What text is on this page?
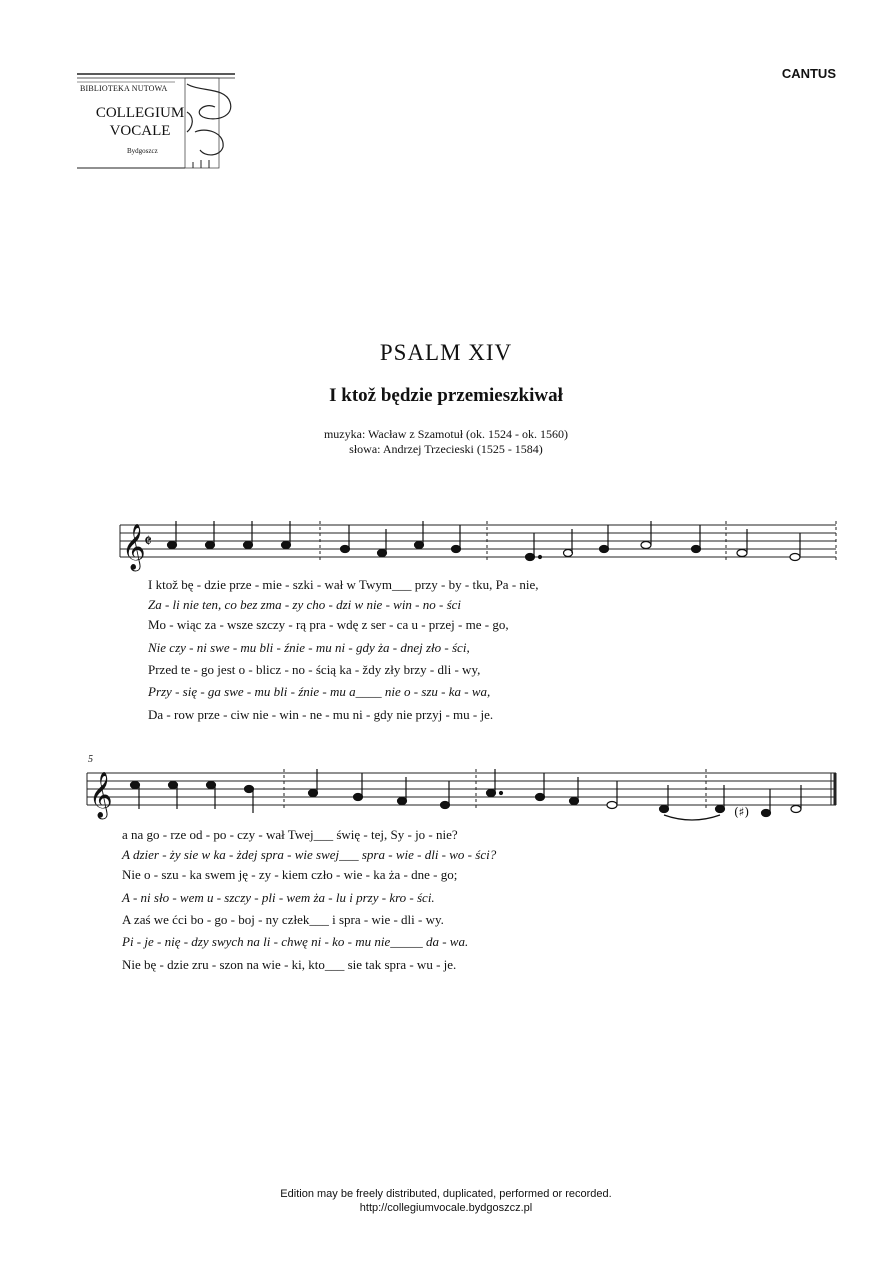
CANTUS
BIBLIOTEKA NUTOWA
COLLEGIUM
VOCALE
Bydgoszcz
PSALM XIV
I ktož będzie przemieszkiwał
muzyka: Wacław z Szamotuł (ok. 1524 - ok. 1560)
słowa: Andrzej Trzecieski (1525 - 1584)
𝄞
𝄵
I ktož bę - dzie prze - mie - szki - wał w Twym___ przy - by - tku, Pa - nie,
Za - li nie ten, co bez zma - zy cho - dzi w nie - win - no - ści
Mo - wiąc za - wsze szczy - rą pra - wdę z ser - ca u - przej - me - go,
Nie czy - ni swe - mu bli - źnie - mu ni - gdy ża - dnej zło - ści,
Przed te - go jest o - blicz - no - ścią ka - ždy zły brzy - dli - wy,
Przy - się - ga swe - mu bli - źnie - mu a____ nie o - szu - ka - wa,
Da - row prze - ciw nie - win - ne - mu ni - gdy nie przyj - mu - je.
5
𝄞	(♯)
a na go - rze od - po - czy - wał Twej___ świę - tej, Sy - jo - nie?
A dzier - ży sie w ka - żdej spra - wie swej___ spra - wie - dli - wo - ści?
Nie o - szu - ka swem ję - zy - kiem czło - wie - ka ża - dne - go;
A - ni sło - wem u - szczy - pli - wem ża - lu i przy - kro - ści.
A zaś we ćci bo - go - boj - ny człek___ i spra - wie - dli - wy.
Pi - je - nię - dzy swych na li - chwę ni - ko - mu nie_____ da - wa.
Nie bę - dzie zru - szon na wie - ki, kto___ sie tak spra - wu - je.
Edition may be freely distributed, duplicated, performed or recorded.
http://collegiumvocale.bydgoszcz.pl
